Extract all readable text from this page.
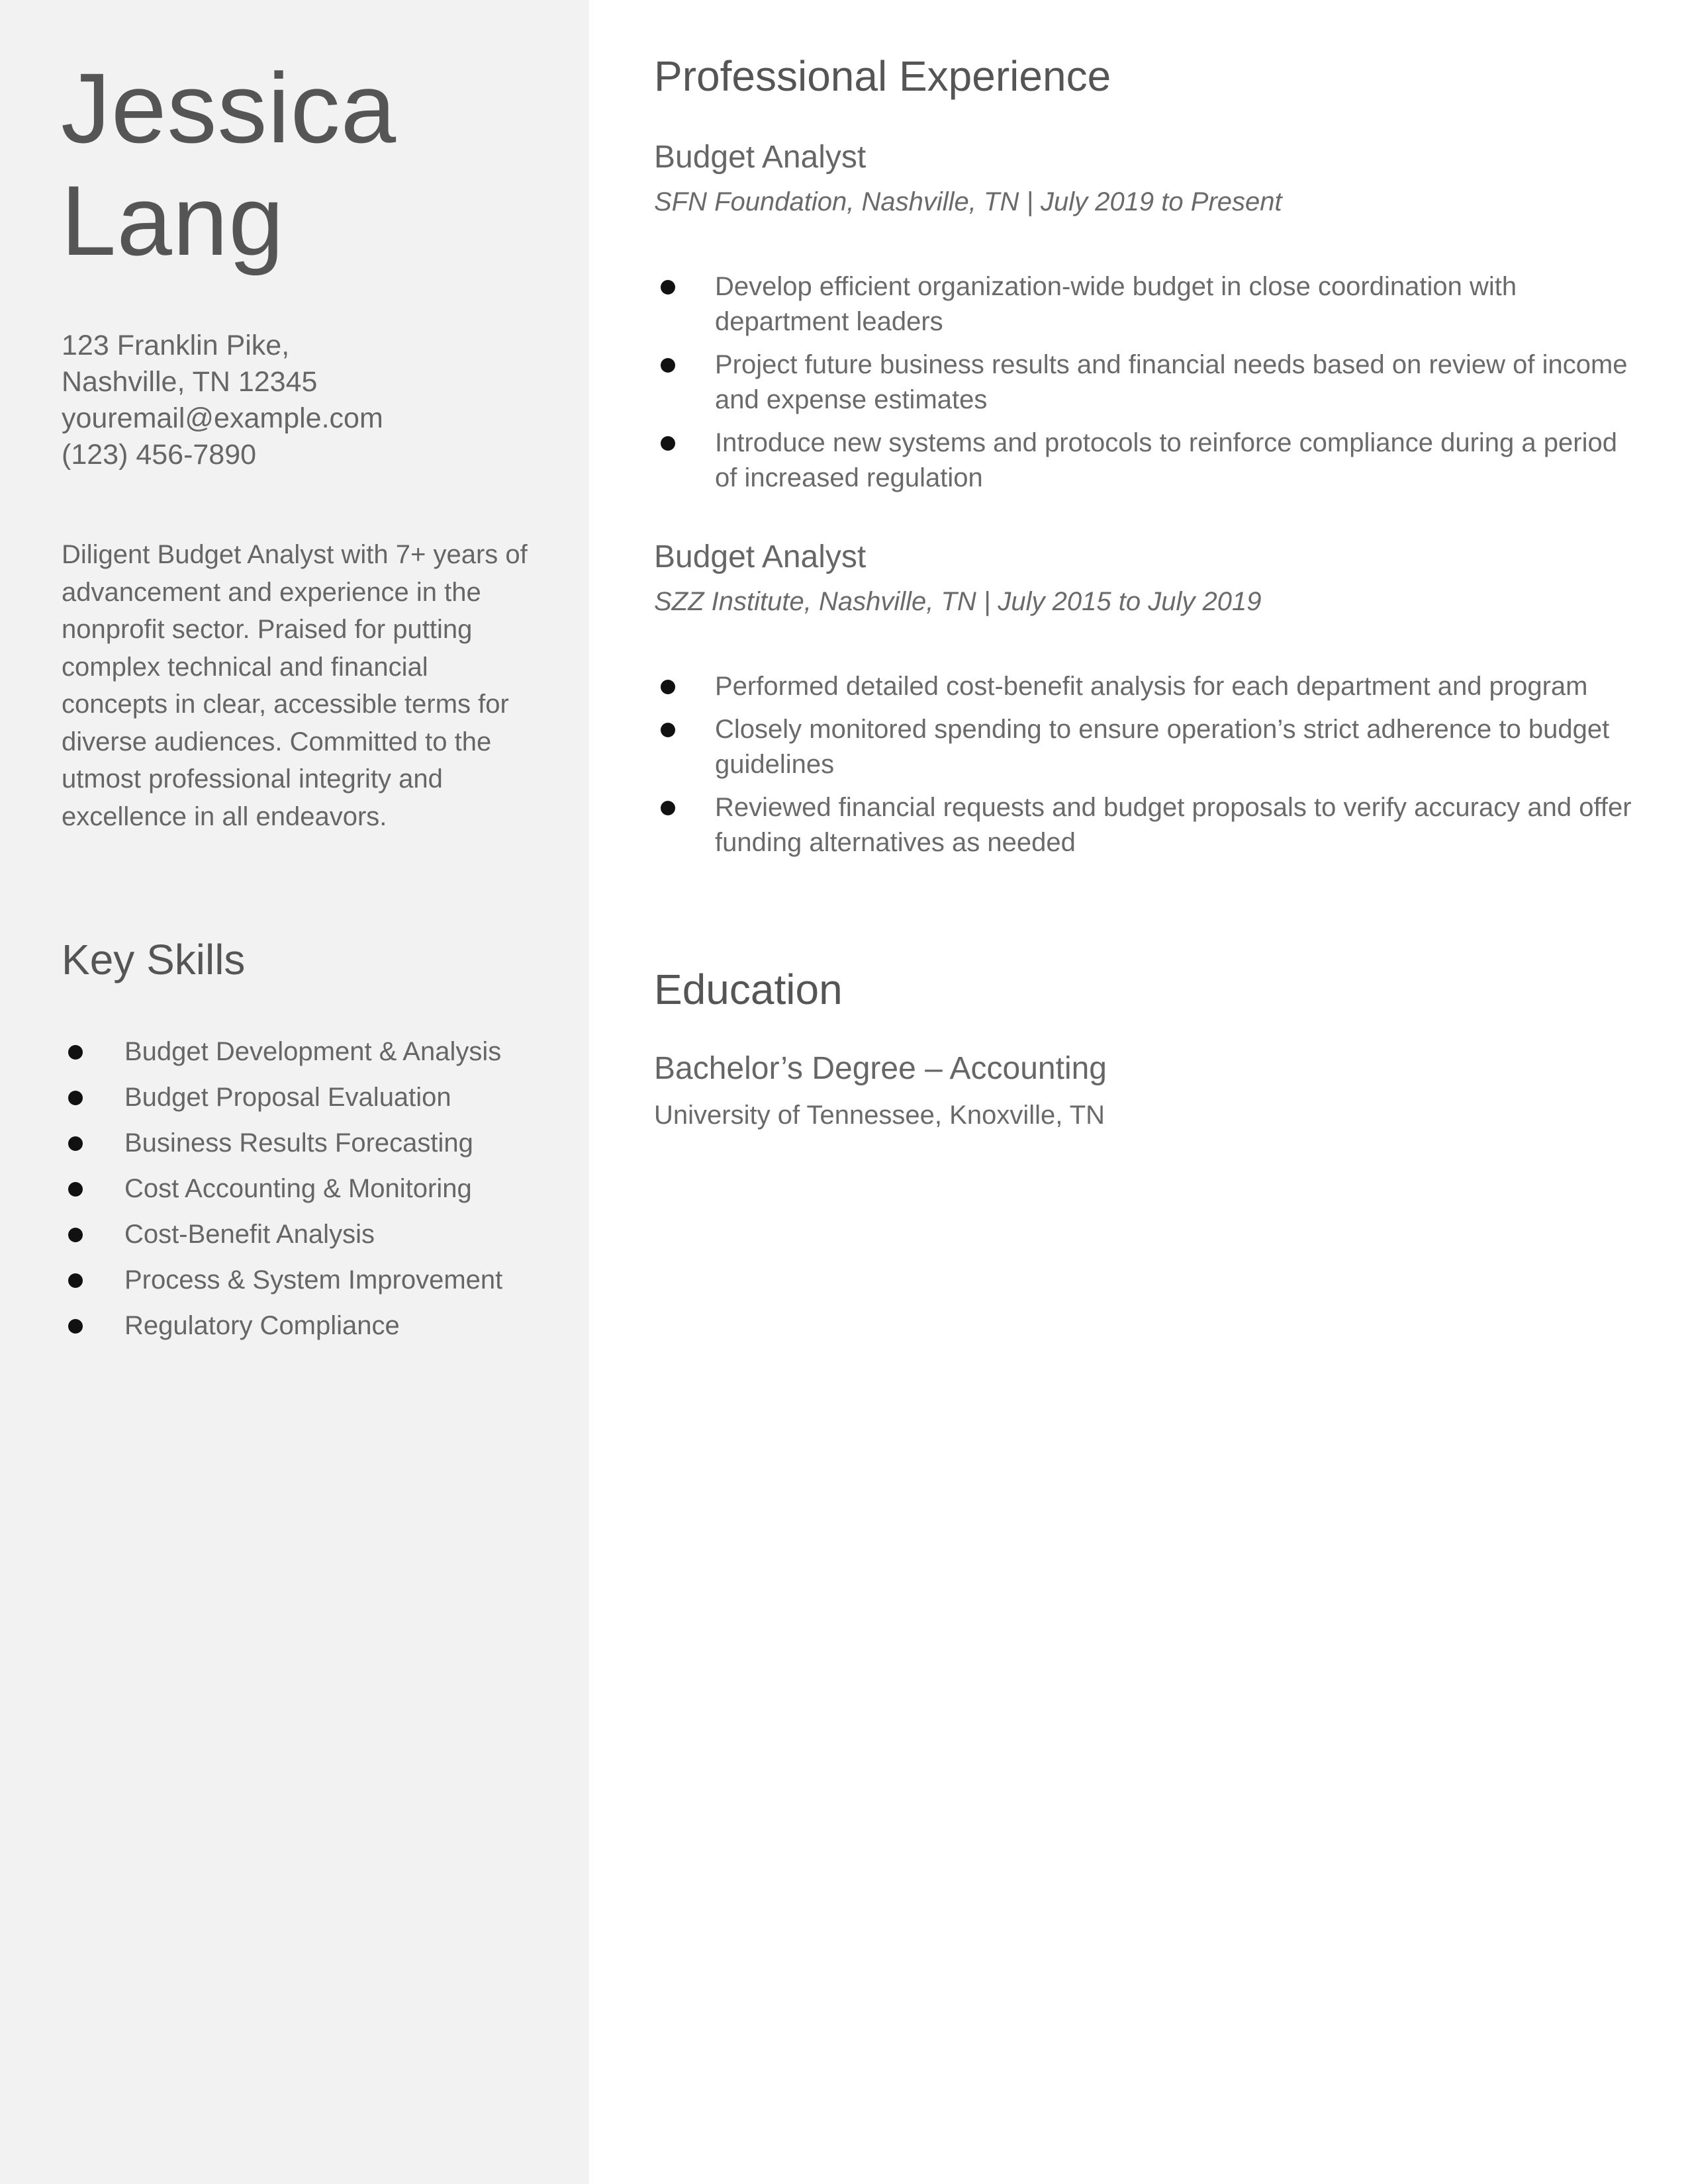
Jessica
Lang
123 Franklin Pike,
Nashville, TN 12345
youremail@example.com
(123) 456-7890

Diligent Budget Analyst with 7+ years of advancement and experience in the nonprofit sector. Praised for putting complex technical and financial concepts in clear, accessible terms for diverse audiences. Committed to the utmost professional integrity and excellence in all endeavors.

Key Skills
Budget Development & Analysis
Budget Proposal Evaluation
Business Results Forecasting
Cost Accounting & Monitoring
Cost-Benefit Analysis
Process & System Improvement
Regulatory Compliance
Professional Experience
Budget Analyst
SFN Foundation, Nashville, TN | July 2019 to Present
Develop efficient organization-wide budget in close coordination with department leaders
Project future business results and financial needs based on review of income and expense estimates
Introduce new systems and protocols to reinforce compliance during a period of increased regulation
Budget Analyst
SZZ Institute, Nashville, TN | July 2015 to July 2019
Performed detailed cost-benefit analysis for each department and program
Closely monitored spending to ensure operation’s strict adherence to budget guidelines
Reviewed financial requests and budget proposals to verify accuracy and offer funding alternatives as needed
Education
Bachelor’s Degree – Accounting
University of Tennessee, Knoxville, TN
